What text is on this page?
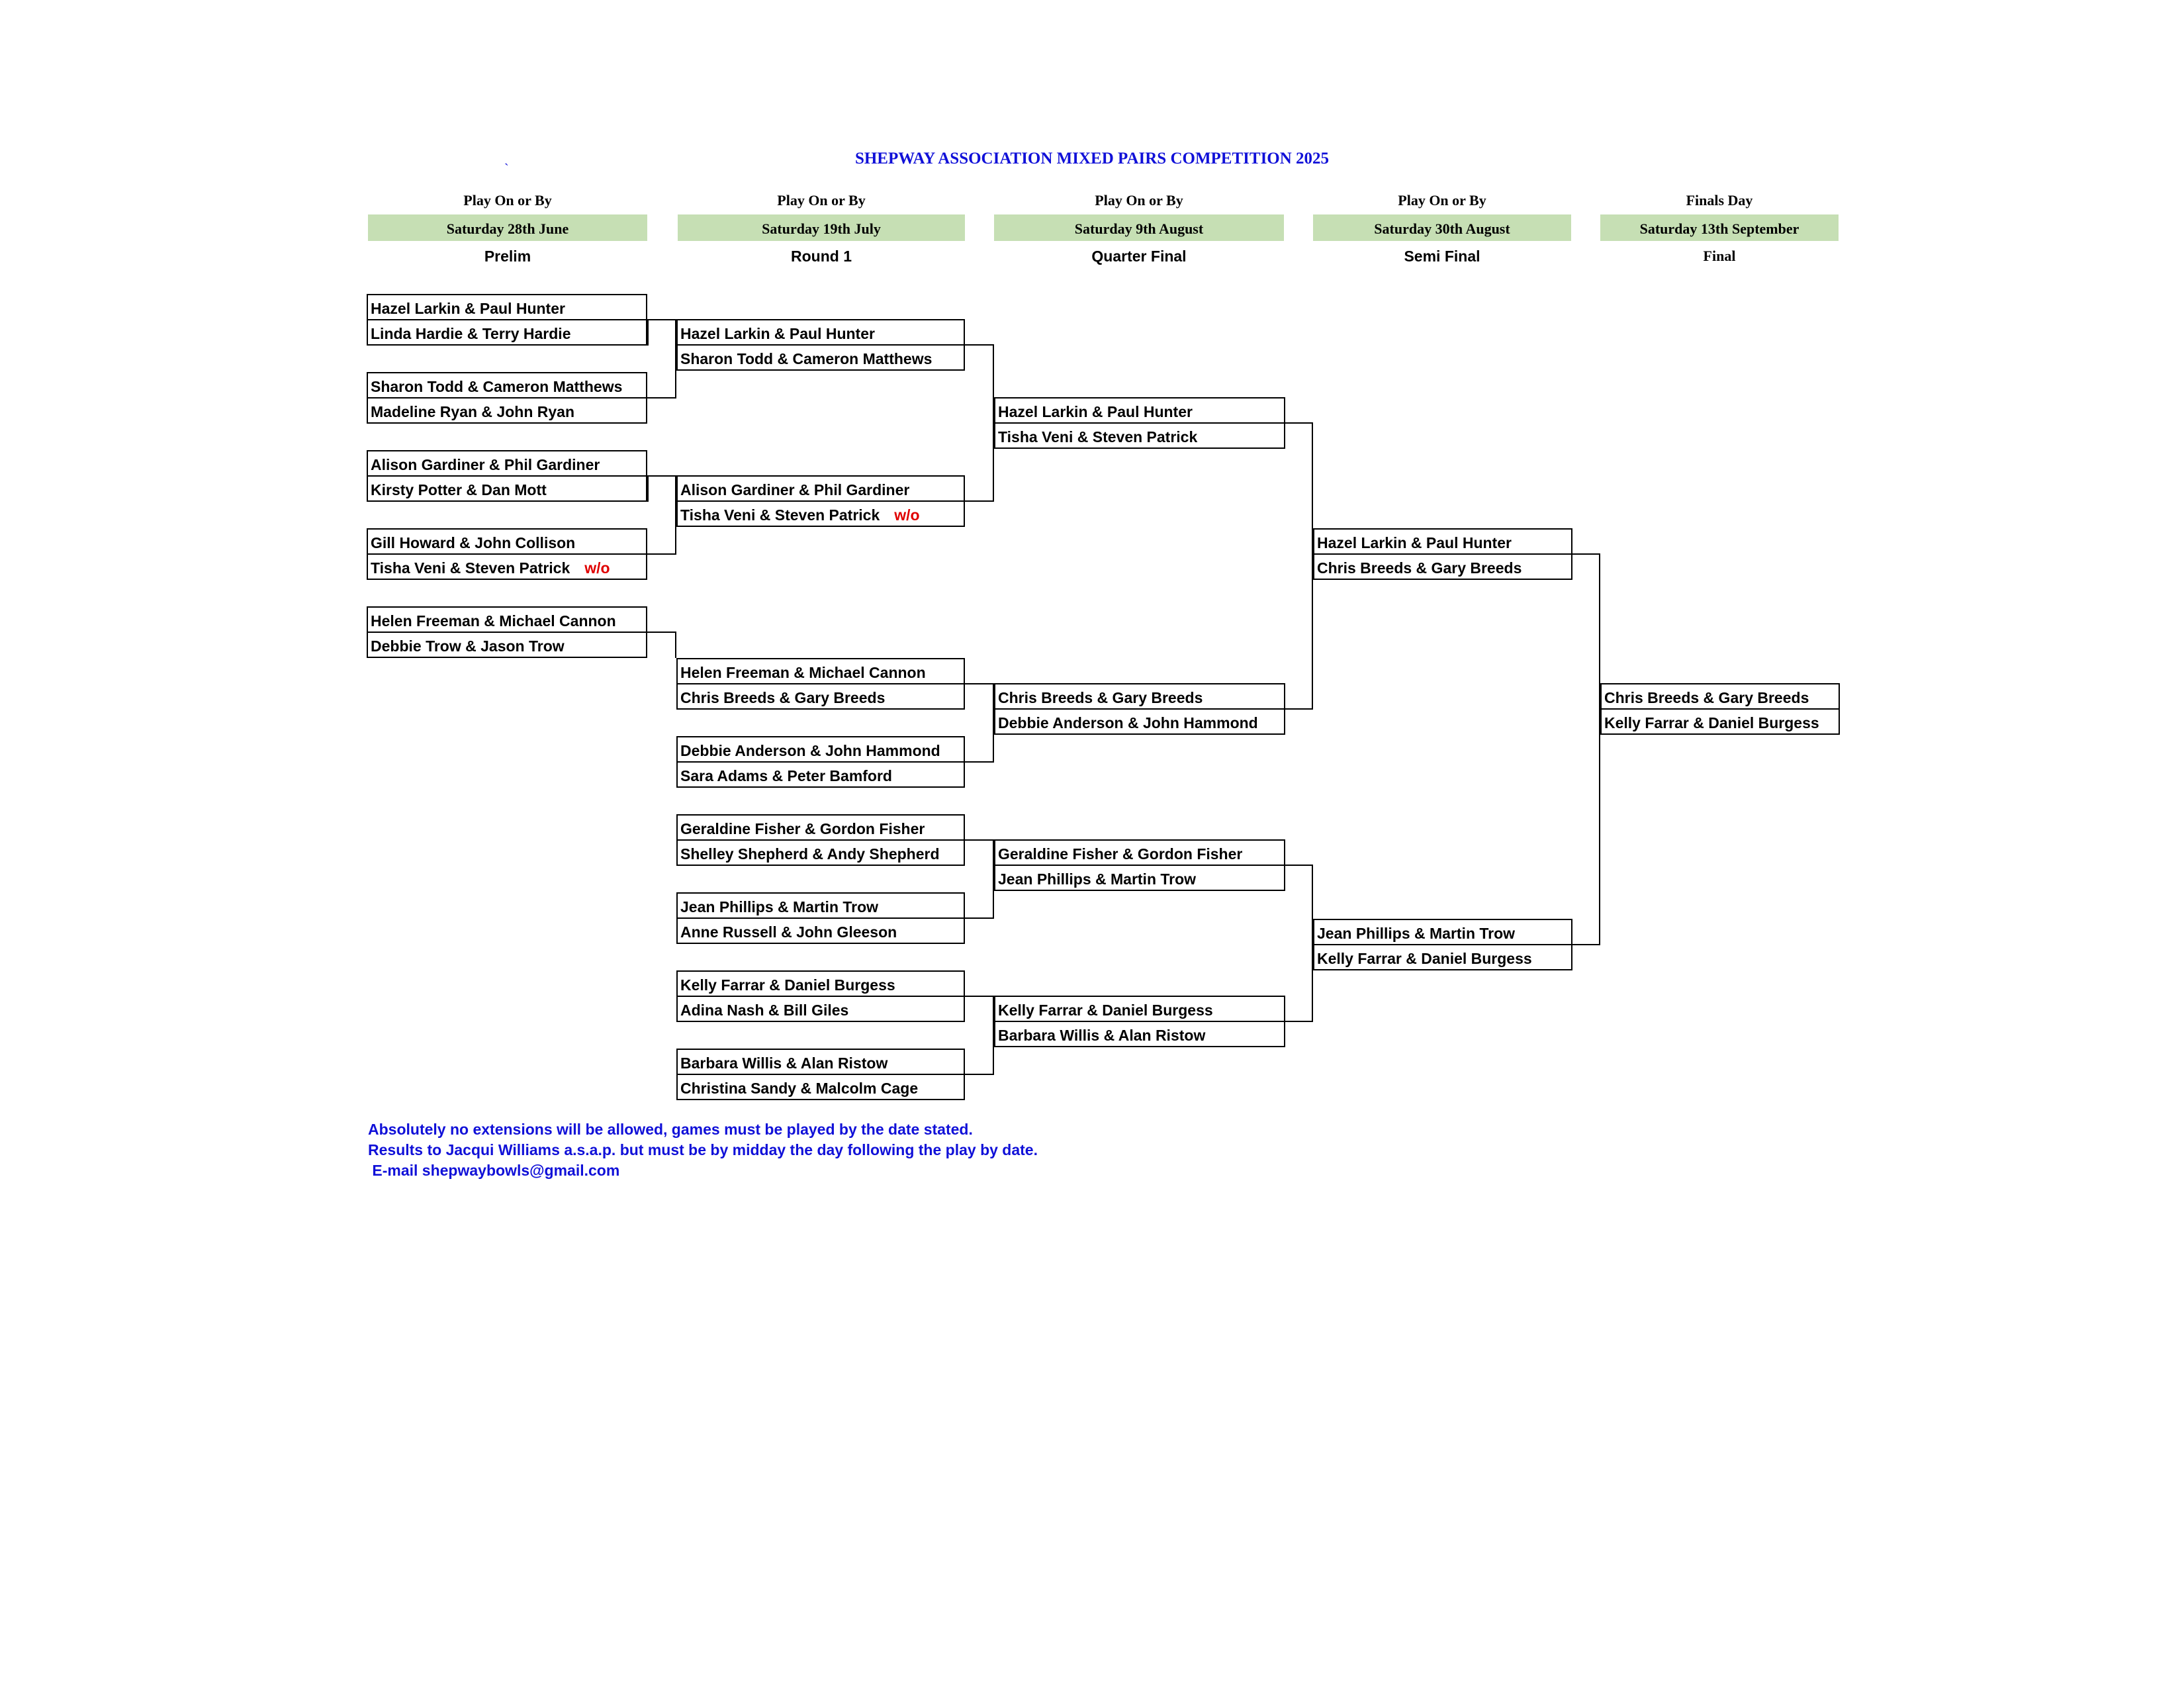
SHEPWAY ASSOCIATION MIXED PAIRS COMPETITION 2025
`
Play On or By
Saturday 28th June
Prelim
Play On or By
Saturday 19th July
Round 1
Play On or By
Saturday 9th August
Quarter Final
Play On or By
Saturday 30th August
Semi Final
Finals Day
Saturday 13th September
Final
Hazel Larkin & Paul Hunter
Linda Hardie & Terry Hardie
Sharon Todd & Cameron Matthews
Madeline Ryan & John Ryan
Alison Gardiner & Phil Gardiner
Kirsty Potter & Dan Mott
Gill Howard & John Collison
Tisha Veni & Steven Patrick w/o
Helen Freeman & Michael Cannon
Debbie Trow & Jason Trow
Hazel Larkin & Paul Hunter
Sharon Todd & Cameron Matthews
Alison Gardiner & Phil Gardiner
Tisha Veni & Steven Patrick w/o
Helen Freeman & Michael Cannon
Chris Breeds & Gary Breeds
Debbie Anderson & John Hammond
Sara Adams & Peter Bamford
Geraldine Fisher & Gordon Fisher
Shelley Shepherd & Andy Shepherd
Jean Phillips & Martin Trow
Anne Russell & John Gleeson
Kelly Farrar & Daniel Burgess
Adina Nash & Bill Giles
Barbara Willis & Alan Ristow
Christina Sandy & Malcolm Cage
Hazel Larkin & Paul Hunter
Tisha Veni & Steven Patrick
Chris Breeds & Gary Breeds
Debbie Anderson & John Hammond
Geraldine Fisher & Gordon Fisher
Jean Phillips & Martin Trow
Kelly Farrar & Daniel Burgess
Barbara Willis & Alan Ristow
Hazel Larkin & Paul Hunter
Chris Breeds & Gary Breeds
Jean Phillips & Martin Trow
Kelly Farrar & Daniel Burgess
Chris Breeds & Gary Breeds
Kelly Farrar & Daniel Burgess
Absolutely no extensions will be allowed, games must be played by the date stated.
Results to Jacqui Williams a.s.a.p. but must be by midday the day following the play by date.
E-mail shepwaybowls@gmail.com
